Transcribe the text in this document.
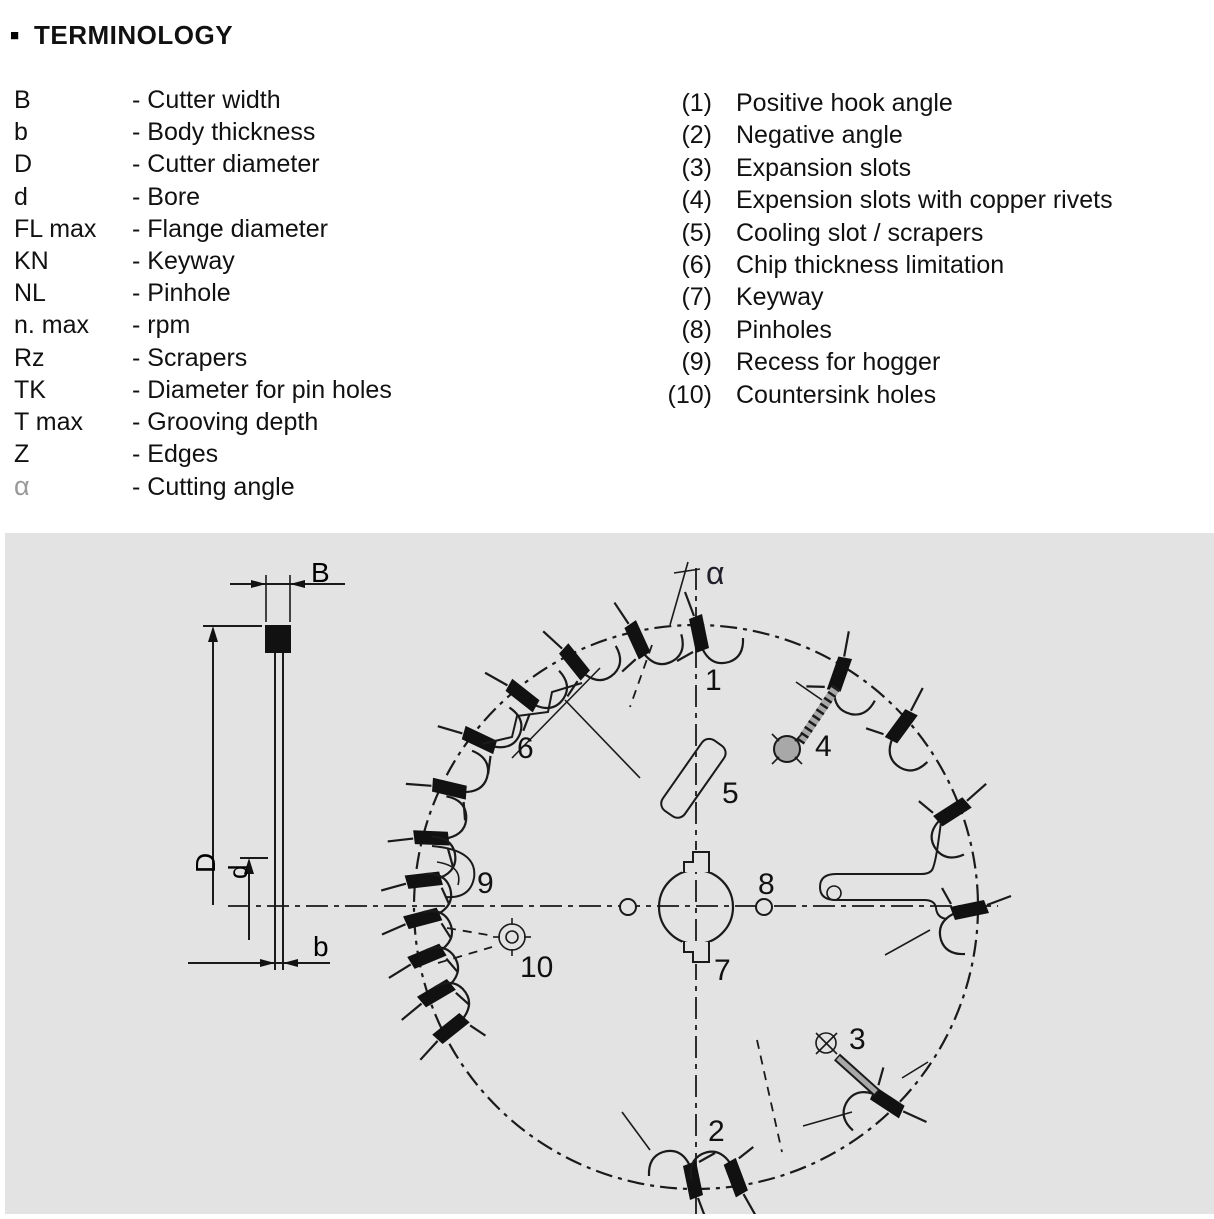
■ TERMINOLOGY
B	- Cutter width
b	- Body thickness
D	- Cutter diameter
d	- Bore
FL max - Flange diameter
KN	- Keyway
NL	- Pinhole
n. max - rpm
Rz	- Scrapers
TK	- Diameter for pin holes
T max - Grooving depth
Z	- Edges
α	- Cutting angle
(1) Positive hook angle
(2) Negative angle
(3) Expansion slots
(4) Expension slots with copper rivets
(5) Cooling slot / scrapers
(6) Chip thickness limitation
(7) Keyway
(8) Pinholes
(9) Recess for hogger
(10) Countersink holes
α
1
2
3
4
5
6
7
8
9
10
B
D d
b
